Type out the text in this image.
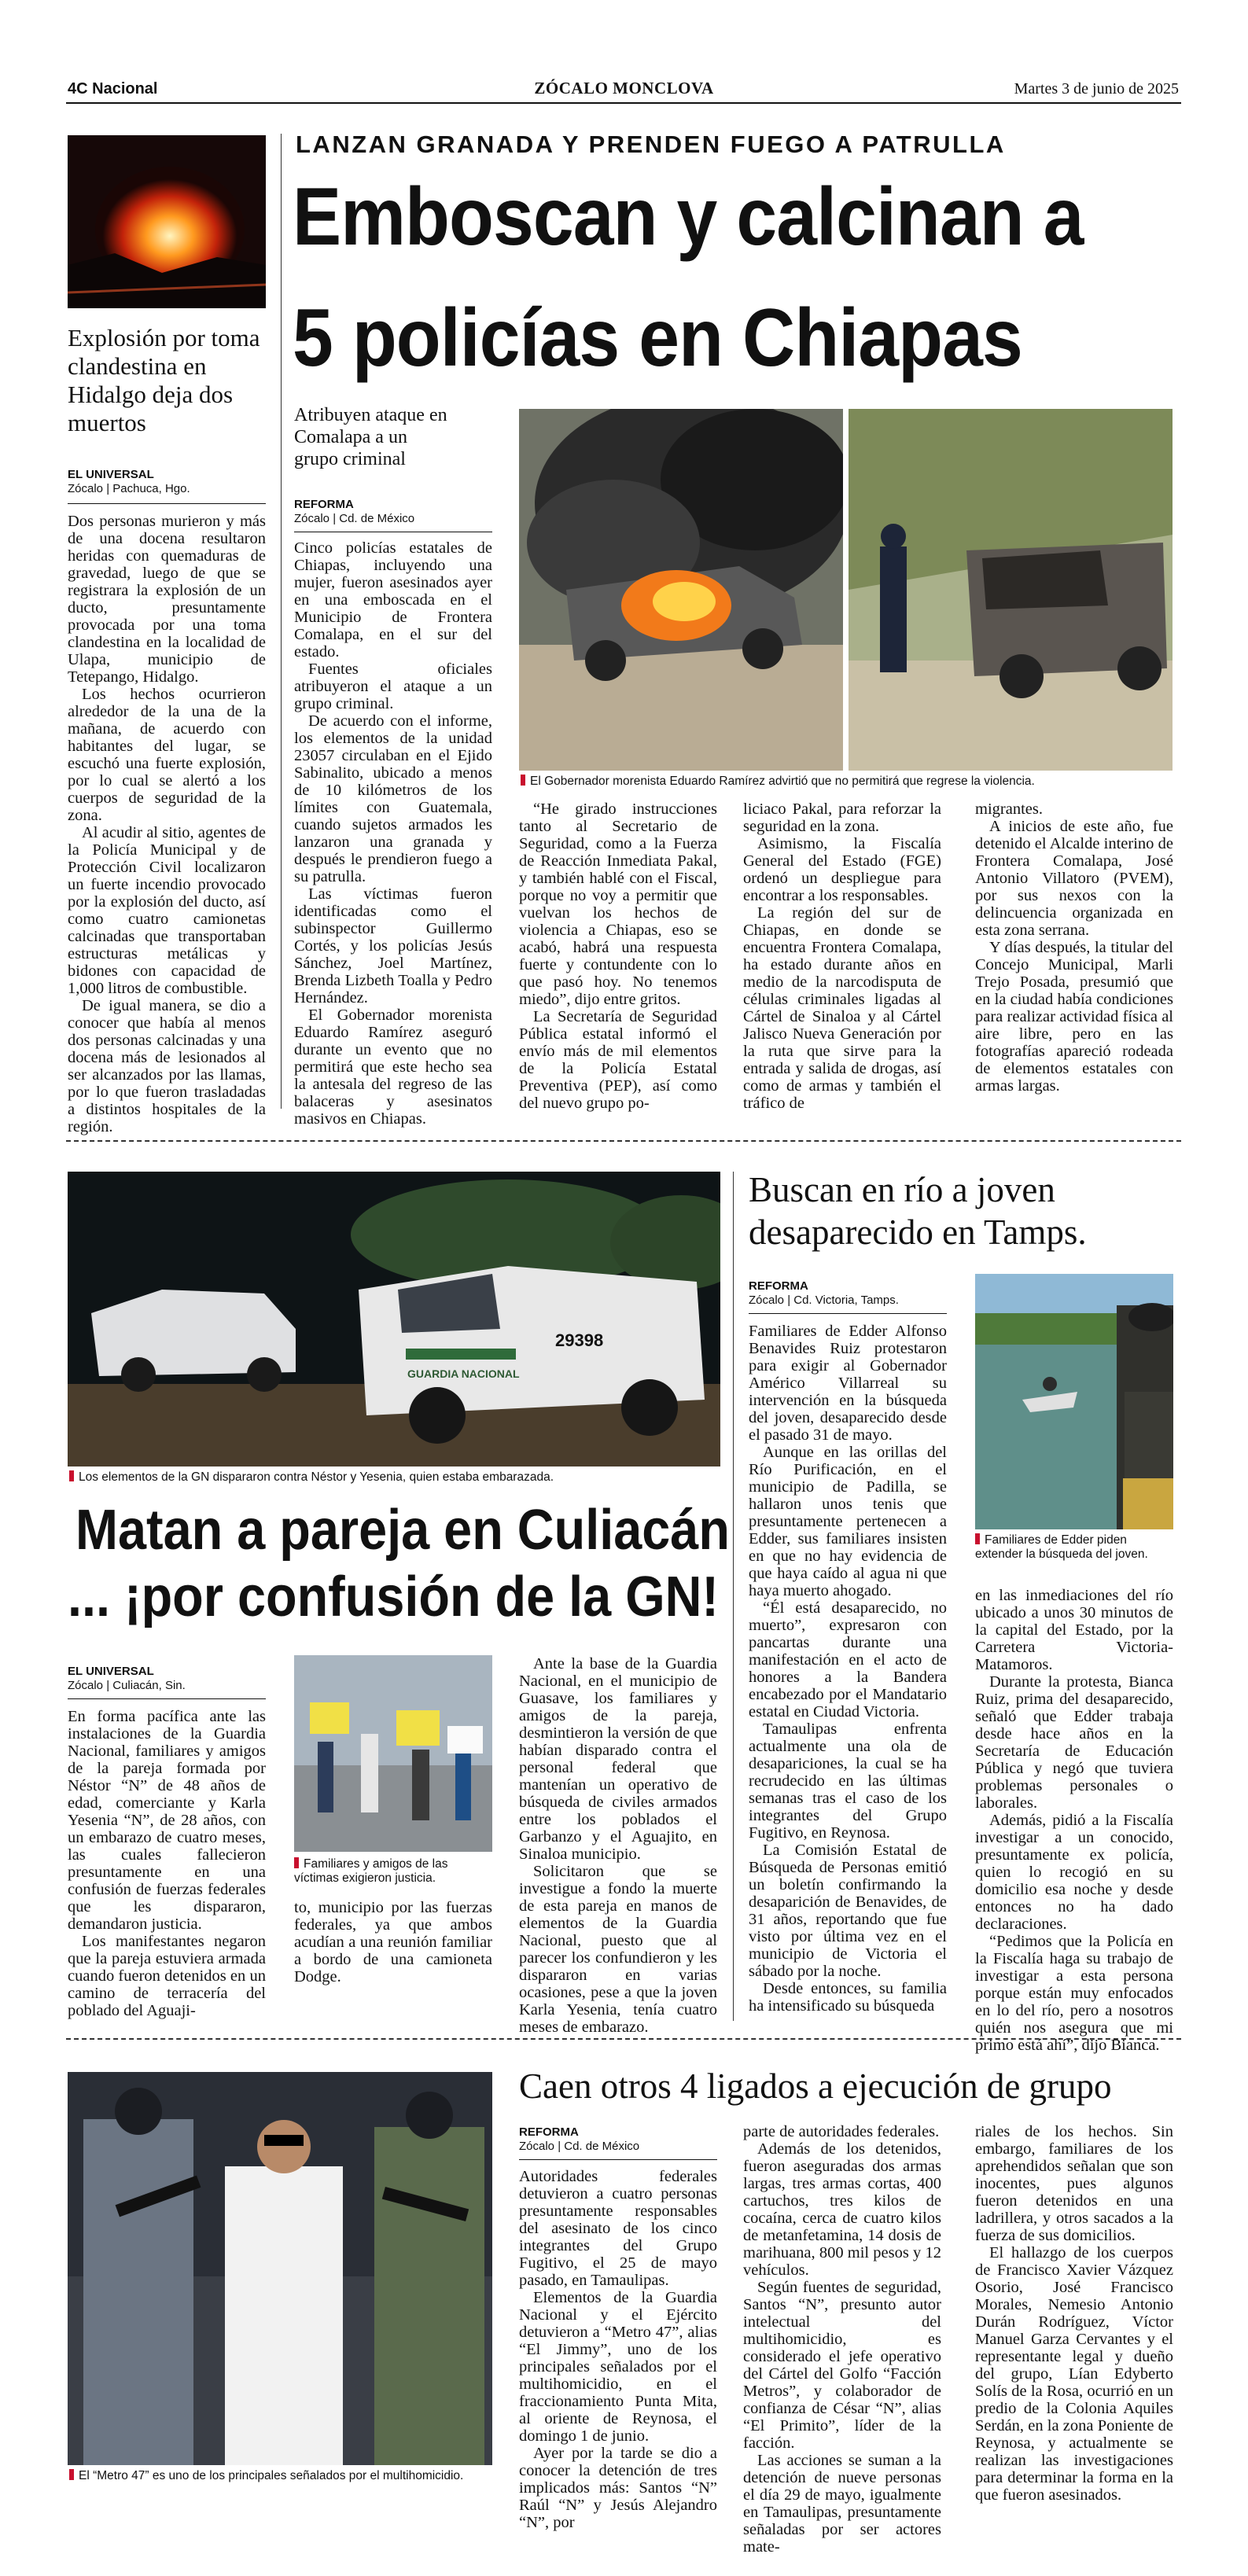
4C Nacional	ZÓCALO MONCLOVA	Martes 3 de junio de 2025
Explosión por toma clandestina en Hidalgo deja dos muertos
EL UNIVERSAL
Zócalo | Pachuca, Hgo.

Dos personas murieron y más de una docena resultaron heridas con quemaduras de gravedad, luego de que se registrara la explosión de un ducto, presuntamente provocada por una toma clandestina en la localidad de Ulapa, municipio de Tetepango, Hidalgo.

Los hechos ocurrieron alrededor de la una de la mañana, de acuerdo con habitantes del lugar, se escuchó una fuerte explosión, por lo cual se alertó a los cuerpos de seguridad de la zona.

Al acudir al sitio, agentes de la Policía Municipal y de Protección Civil localizaron un fuerte incendio provocado por la explosión del ducto, así como cuatro camionetas calcinadas que transportaban estructuras metálicas y bidones con capacidad de 1,000 litros de combustible.

De igual manera, se dio a conocer que había al menos dos personas calcinadas y una docena más de lesionados al ser alcanzados por las llamas, por lo que fueron trasladadas a distintos hospitales de la región.

LANZAN GRANADA Y PRENDEN FUEGO A PATRULLA
Emboscan y calcinan a
5 policías en Chiapas
Atribuyen ataque en Comalapa a un grupo criminal
REFORMA
Zócalo | Cd. de México
El Gobernador morenista Eduardo Ramírez advirtió que no permitirá que regrese la violencia.

Cinco policías estatales de Chiapas, incluyendo una mujer, fueron asesinados ayer en una emboscada en el Municipio de Frontera Comalapa, en el sur del estado.

Fuentes oficiales atribuyeron el ataque a un grupo criminal.

De acuerdo con el informe, los elementos de la unidad 23057 circulaban en el Ejido Sabinalito, ubicado a menos de 10 kilómetros de los límites con Guatemala, cuando sujetos armados les lanzaron una granada y después le prendieron fuego a su patrulla.

Las víctimas fueron identificadas como el subinspector Guillermo Cortés, y los policías Jesús Sánchez, Joel Martínez, Brenda Lizbeth Toalla y Pedro Hernández.

El Gobernador morenista Eduardo Ramírez aseguró durante un evento que no permitirá que este hecho sea la antesala del regreso de las balaceras y asesinatos masivos en Chiapas.

“He girado instrucciones tanto al Secretario de Seguridad, como a la Fuerza de Reacción Inmediata Pakal, y también hablé con el Fiscal, porque no voy a permitir que vuelvan los hechos de violencia a Chiapas, eso se acabó, habrá una respuesta fuerte y contundente con lo que pasó hoy. No tenemos miedo”, dijo entre gritos.

La Secretaría de Seguridad Pública estatal informó el envío más de mil elementos de la Policía Estatal Preventiva (PEP), así como del nuevo grupo po-

liciaco Pakal, para reforzar la seguridad en la zona.

Asimismo, la Fiscalía General del Estado (FGE) ordenó un despliegue para encontrar a los responsables.

La región del sur de Chiapas, en donde se encuentra Frontera Comalapa, ha estado durante años en medio de la narcodisputa de células criminales ligadas al Cártel de Sinaloa y al Cártel Jalisco Nueva Generación por la ruta que sirve para la entrada y salida de drogas, así como de armas y también el tráfico de

migrantes.

A inicios de este año, fue detenido el Alcalde interino de Frontera Comalapa, José Antonio Villatoro (PVEM), por sus nexos con la delincuencia organizada en esta zona serrana.

Y días después, la titular del Concejo Municipal, Marli Trejo Posada, presumió que en la ciudad había condiciones para realizar actividad física al aire libre, pero en las fotografías apareció rodeada de elementos estatales con armas largas.

29398
GUARDIA NACIONAL
Los elementos de la GN dispararon contra Néstor y Yesenia, quien estaba embarazada.
Matan a pareja en Culiacán
... ¡por confusión de la GN!
EL UNIVERSAL
Zócalo | Culiacán, Sin.

En forma pacífica ante las instalaciones de la Guardia Nacional, familiares y amigos de la pareja formada por Néstor “N” de 48 años de edad, comerciante y Karla Yesenia “N”, de 28 años, con un embarazo de cuatro meses, las cuales fallecieron presuntamente en una confusión de fuerzas federales que les dispararon, demandaron justicia.

Los manifestantes negaron que la pareja estuviera armada cuando fueron detenidos en un camino de terracería del poblado del Aguaji-

Familiares y amigos de las víctimas exigieron justicia.

to, municipio por las fuerzas federales, ya que ambos acudían a una reunión familiar a bordo de una camioneta Dodge.

Ante la base de la Guardia Nacional, en el municipio de Guasave, los familiares y amigos de la pareja, desmintieron la versión de que habían disparado contra el personal federal que mantenían un operativo de búsqueda de civiles armados entre los poblados el Garbanzo y el Aguajito, en Sinaloa municipio.

Solicitaron que se investigue a fondo la muerte de esta pareja en manos de elementos de la Guardia Nacional, puesto que al parecer los confundieron y les dispararon en varias ocasiones, pese a que la joven Karla Yesenia, tenía cuatro meses de embarazo.

Buscan en río a joven desaparecido en Tamps.
REFORMA
Zócalo | Cd. Victoria, Tamps.

Familiares de Edder Alfonso Benavides Ruiz protestaron para exigir al Gobernador Américo Villarreal su intervención en la búsqueda del joven, desaparecido desde el pasado 31 de mayo.

Aunque en las orillas del Río Purificación, en el municipio de Padilla, se hallaron unos tenis que presuntamente pertenecen a Edder, sus familiares insisten en que no hay evidencia de que haya caído al agua ni que haya muerto ahogado.

“Él está desaparecido, no muerto”, expresaron con pancartas durante una manifestación en el acto de honores a la Bandera encabezado por el Mandatario estatal en Ciudad Victoria.

Tamaulipas enfrenta actualmente una ola de desapariciones, la cual se ha recrudecido en las últimas semanas tras el caso de los integrantes del Grupo Fugitivo, en Reynosa.

La Comisión Estatal de Búsqueda de Personas emitió un boletín confirmando la desaparición de Benavides, de 31 años, reportando que fue visto por última vez en el municipio de Victoria el sábado por la noche.

Desde entonces, su familia ha intensificado su búsqueda

Familiares de Edder piden extender la búsqueda del joven.

en las inmediaciones del río ubicado a unos 30 minutos de la capital del Estado, por la Carretera Victoria-Matamoros.

Durante la protesta, Bianca Ruiz, prima del desaparecido, señaló que Edder trabaja desde hace años en la Secretaría de Educación Pública y negó que tuviera problemas personales o laborales.

Además, pidió a la Fiscalía investigar a un conocido, presuntamente ex policía, quien lo recogió en su domicilio esa noche y desde entonces no ha dado declaraciones.

“Pedimos que la Policía en la Fiscalía haga su trabajo de investigar a esta persona porque están muy enfocados en lo del río, pero a nosotros quién nos asegura que mi primo está ahí”, dijo Bianca.

El “Metro 47” es uno de los principales señalados por el multihomicidio.
Caen otros 4 ligados a ejecución de grupo
REFORMA
Zócalo | Cd. de México

Autoridades federales detuvieron a cuatro personas presuntamente responsables del asesinato de los cinco integrantes del Grupo Fugitivo, el 25 de mayo pasado, en Tamaulipas.

Elementos de la Guardia Nacional y el Ejército detuvieron a “Metro 47”, alias “El Jimmy”, uno de los principales señalados por el multihomicidio, en el fraccionamiento Punta Mita, al oriente de Reynosa, el domingo 1 de junio.

Ayer por la tarde se dio a conocer la detención de tres implicados más: Santos “N” Raúl “N” y Jesús Alejandro “N”, por

parte de autoridades federales.

Además de los detenidos, fueron aseguradas dos armas largas, tres armas cortas, 400 cartuchos, tres kilos de cocaína, cerca de cuatro kilos de metanfetamina, 14 dosis de marihuana, 800 mil pesos y 12 vehículos.

Según fuentes de seguridad, Santos “N”, presunto autor intelectual del multihomicidio, es considerado el jefe operativo del Cártel del Golfo “Facción Metros”, y colaborador de confianza de César “N”, alias “El Primito”, líder de la facción.

Las acciones se suman a la detención de nueve personas el día 29 de mayo, igualmente en Tamaulipas, presuntamente señaladas por ser actores mate-

riales de los hechos. Sin embargo, familiares de los aprehendidos señalan que son inocentes, pues algunos fueron detenidos en una ladrillera, y otros sacados a la fuerza de sus domicilios.

El hallazgo de los cuerpos de Francisco Xavier Vázquez Osorio, José Francisco Morales, Nemesio Antonio Durán Rodríguez, Víctor Manuel Garza Cervantes y el representante legal y dueño del grupo, Lían Edyberto Solís de la Rosa, ocurrió en un predio de la Colonia Aquiles Serdán, en la zona Poniente de Reynosa, y actualmente se realizan las investigaciones para determinar la forma en la que fueron asesinados.
